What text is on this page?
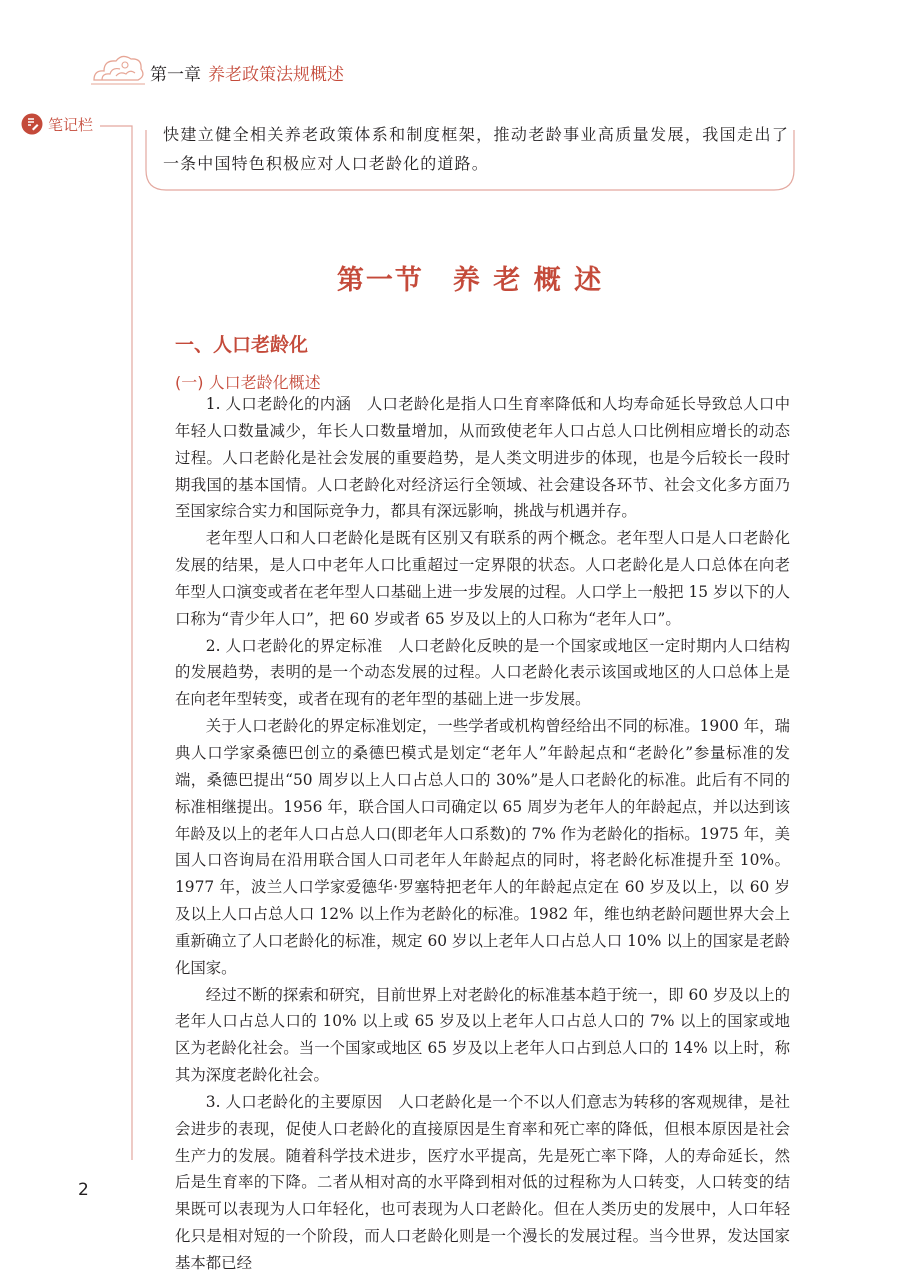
第一章 养老政策法规概述
笔记栏	快建立健全相关养老政策体系和制度框架，推动老龄事业高质量发展，我国走出了一条中国特色积极应对人口老龄化的道路。
第一节　养 老 概 述
一、人口老龄化
(一) 人口老龄化概述

1. 人口老龄化的内涵　人口老龄化是指人口生育率降低和人均寿命延长导致总人口中年轻人口数量减少，年长人口数量增加，从而致使老年人口占总人口比例相应增长的动态过程。人口老龄化是社会发展的重要趋势，是人类文明进步的体现，也是今后较长一段时期我国的基本国情。人口老龄化对经济运行全领域、社会建设各环节、社会文化多方面乃至国家综合实力和国际竞争力，都具有深远影响，挑战与机遇并存。

老年型人口和人口老龄化是既有区别又有联系的两个概念。老年型人口是人口老龄化发展的结果，是人口中老年人口比重超过一定界限的状态。人口老龄化是人口总体在向老年型人口演变或者在老年型人口基础上进一步发展的过程。人口学上一般把 15 岁以下的人口称为“青少年人口”，把 60 岁或者 65 岁及以上的人口称为“老年人口”。

2. 人口老龄化的界定标准　人口老龄化反映的是一个国家或地区一定时期内人口结构的发展趋势，表明的是一个动态发展的过程。人口老龄化表示该国或地区的人口总体上是在向老年型转变，或者在现有的老年型的基础上进一步发展。

关于人口老龄化的界定标准划定，一些学者或机构曾经给出不同的标准。1900 年，瑞典人口学家桑德巴创立的桑德巴模式是划定“老年人”年龄起点和“老龄化”参量标准的发端，桑德巴提出“50 周岁以上人口占总人口的 30%”是人口老龄化的标准。此后有不同的标准相继提出。1956 年，联合国人口司确定以 65 周岁为老年人的年龄起点，并以达到该年龄及以上的老年人口占总人口(即老年人口系数)的 7% 作为老龄化的指标。1975 年，美国人口咨询局在沿用联合国人口司老年人年龄起点的同时，将老龄化标准提升至 10%。1977 年，波兰人口学家爱德华·罗塞特把老年人的年龄起点定在 60 岁及以上，以 60 岁及以上人口占总人口 12% 以上作为老龄化的标准。1982 年，维也纳老龄问题世界大会上重新确立了人口老龄化的标准，规定 60 岁以上老年人口占总人口 10% 以上的国家是老龄化国家。

经过不断的探索和研究，目前世界上对老龄化的标准基本趋于统一，即 60 岁及以上的老年人口占总人口的 10% 以上或 65 岁及以上老年人口占总人口的 7% 以上的国家或地区为老龄化社会。当一个国家或地区 65 岁及以上老年人口占到总人口的 14% 以上时，称其为深度老龄化社会。

3. 人口老龄化的主要原因　人口老龄化是一个不以人们意志为转移的客观规律，是社会进步的表现，促使人口老龄化的直接原因是生育率和死亡率的降低，但根本原因是社会生产力的发展。随着科学技术进步，医疗水平提高，先是死亡率下降，人的寿命延长，然后是生育率的下降。二者从相对高的水平降到相对低的过程称为人口转变，人口转变的结果既可以表现为人口年轻化，也可表现为人口老龄化。但在人类历史的发展中，人口年轻化只是相对短的一个阶段，而人口老龄化则是一个漫长的发展过程。当今世界，发达国家基本都已经

2
